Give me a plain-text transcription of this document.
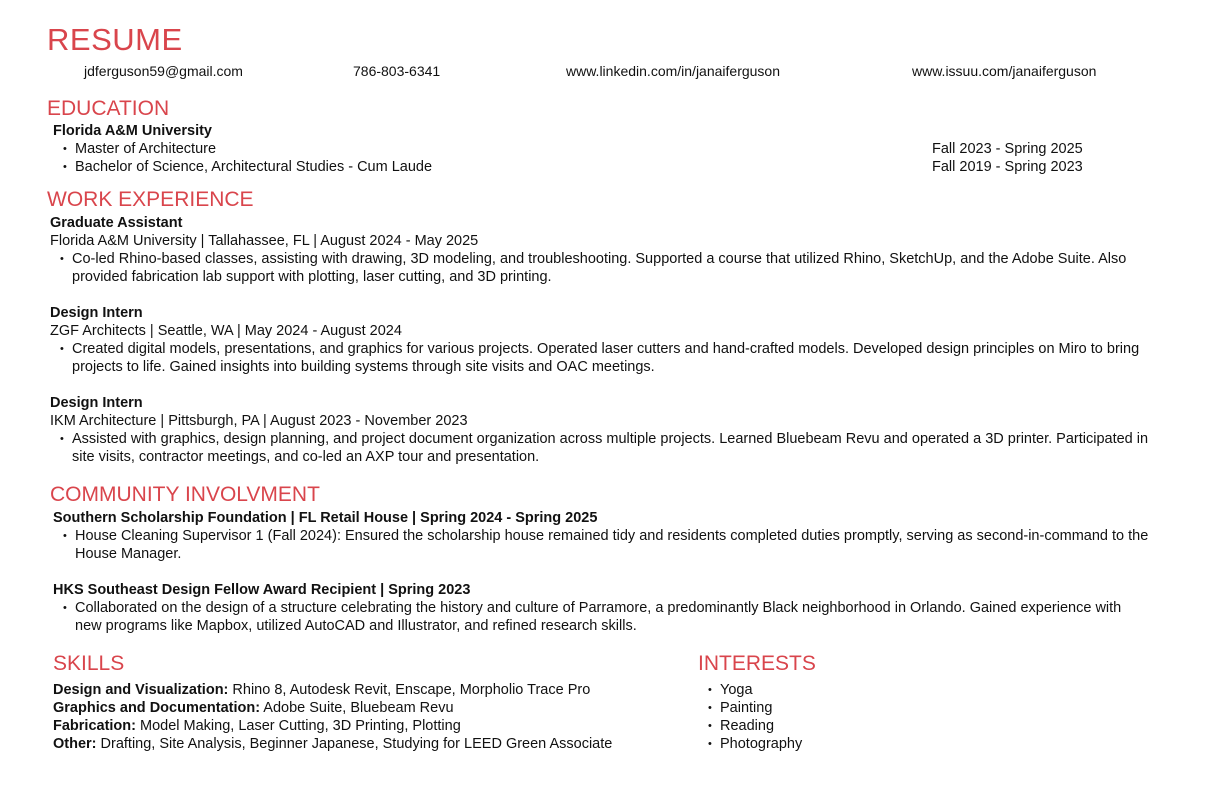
RESUME
jdferguson59@gmail.com	786-803-6341	www.linkedin.com/in/janaiferguson	www.issuu.com/janaiferguson
EDUCATION
Florida A&M University
• Master of Architecture	Fall 2023 - Spring 2025
• Bachelor of Science, Architectural Studies - Cum Laude	Fall 2019 - Spring 2023
WORK EXPERIENCE
Graduate Assistant
Florida A&M University | Tallahassee, FL | August 2024 - May 2025
• Co-led Rhino-based classes, assisting with drawing, 3D modeling, and troubleshooting. Supported a course that utilized Rhino, SketchUp, and the Adobe Suite. Also provided fabrication lab support with plotting, laser cutting, and 3D printing.
Design Intern
ZGF Architects | Seattle, WA | May 2024 - August 2024
• Created digital models, presentations, and graphics for various projects. Operated laser cutters and hand-crafted models. Developed design principles on Miro to bring projects to life. Gained insights into building systems through site visits and OAC meetings.
Design Intern
IKM Architecture | Pittsburgh, PA | August 2023 - November 2023
• Assisted with graphics, design planning, and project document organization across multiple projects. Learned Bluebeam Revu and operated a 3D printer. Participated in site visits, contractor meetings, and co-led an AXP tour and presentation.
COMMUNITY INVOLVMENT
Southern Scholarship Foundation | FL Retail House | Spring 2024 - Spring 2025
• House Cleaning Supervisor 1 (Fall 2024): Ensured the scholarship house remained tidy and residents completed duties promptly, serving as second-in-command to the House Manager.
HKS Southeast Design Fellow Award Recipient | Spring 2023
• Collaborated on the design of a structure celebrating the history and culture of Parramore, a predominantly Black neighborhood in Orlando. Gained experience with new programs like Mapbox, utilized AutoCAD and Illustrator, and refined research skills.
SKILLS
Design and Visualization: Rhino 8, Autodesk Revit, Enscape, Morpholio Trace Pro
Graphics and Documentation: Adobe Suite, Bluebeam Revu
Fabrication: Model Making, Laser Cutting, 3D Printing, Plotting
Other: Drafting, Site Analysis, Beginner Japanese, Studying for LEED Green Associate
INTERESTS
• Yoga
• Painting
• Reading
• Photography
